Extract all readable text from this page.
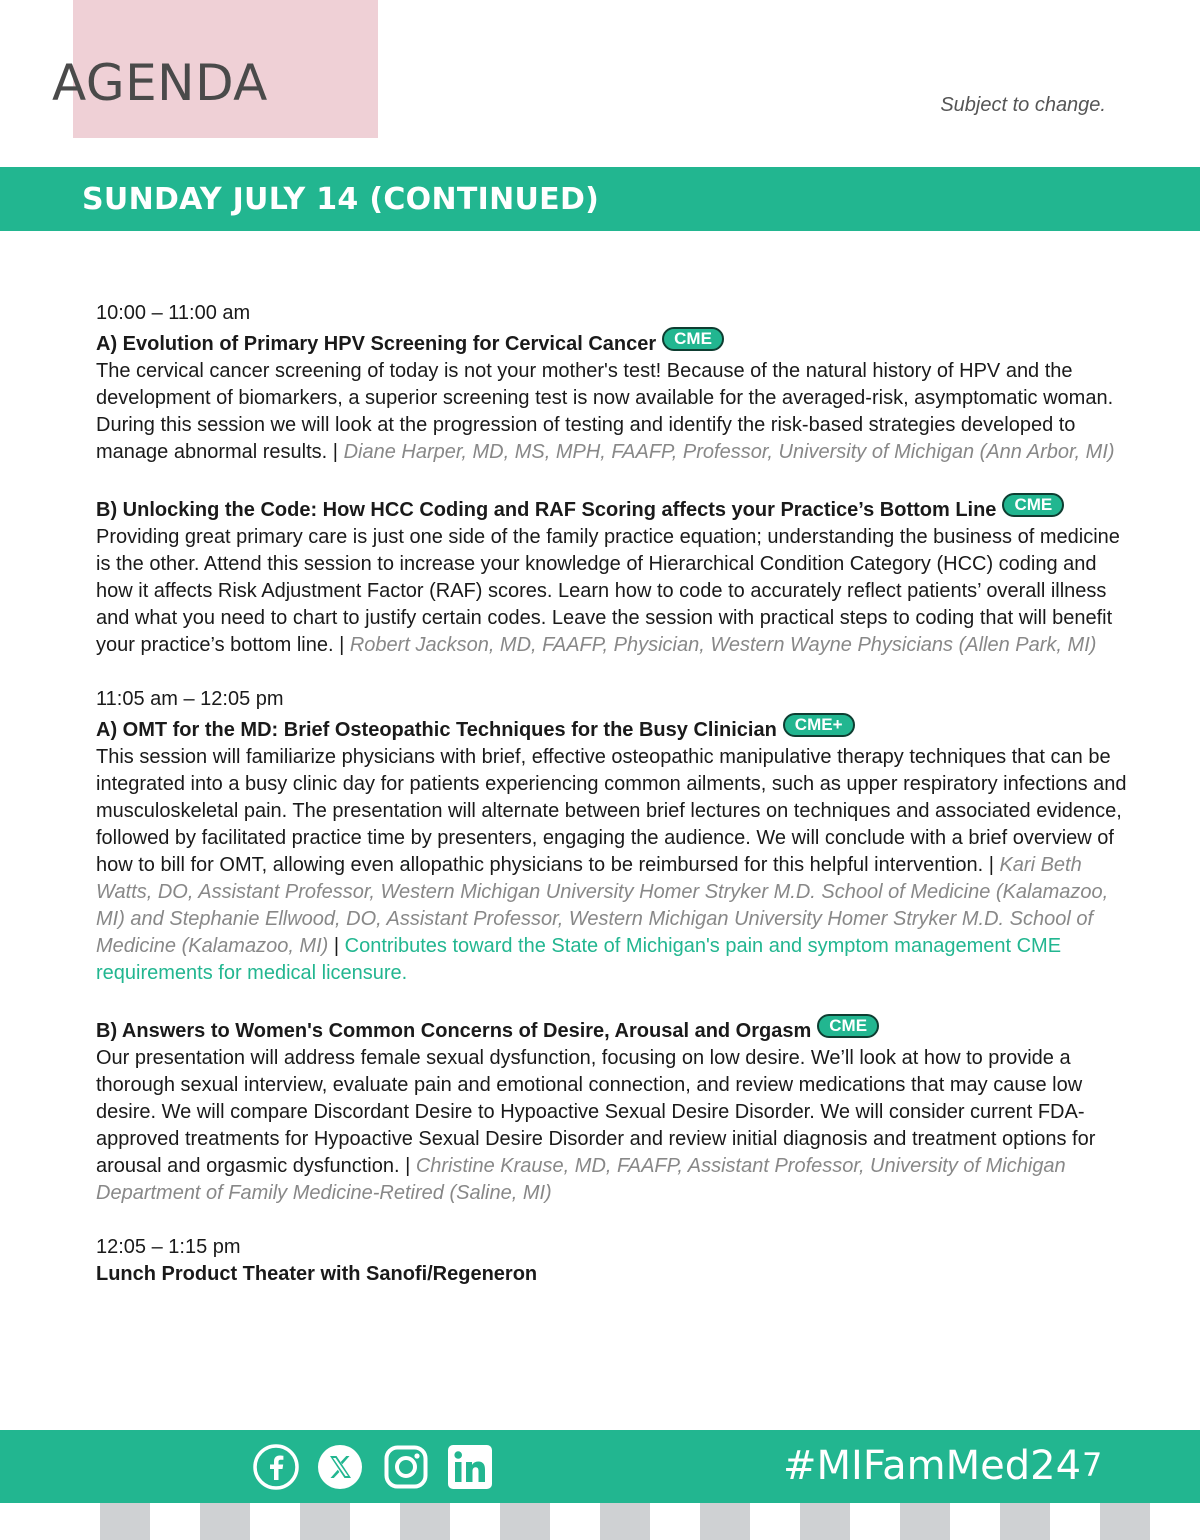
AGENDA	Subject to change.
SUNDAY JULY 14 (CONTINUED)
10:00 – 11:00 am
A) Evolution of Primary HPV Screening for Cervical Cancer CME
The cervical cancer screening of today is not your mother's test! Because of the natural history of HPV and the development of biomarkers, a superior screening test is now available for the averaged-risk, asymptomatic woman. During this session we will look at the progression of testing and identify the risk-based strategies developed to manage abnormal results. | Diane Harper, MD, MS, MPH, FAAFP, Professor, University of Michigan (Ann Arbor, MI)
B) Unlocking the Code: How HCC Coding and RAF Scoring affects your Practice’s Bottom Line CME
Providing great primary care is just one side of the family practice equation; understanding the business of medicine is the other. Attend this session to increase your knowledge of Hierarchical Condition Category (HCC) coding and how it affects Risk Adjustment Factor (RAF) scores. Learn how to code to accurately reflect patients’ overall illness and what you need to chart to justify certain codes. Leave the session with practical steps to coding that will benefit your practice’s bottom line. | Robert Jackson, MD, FAAFP, Physician, Western Wayne Physicians (Allen Park, MI)
11:05 am – 12:05 pm
A) OMT for the MD: Brief Osteopathic Techniques for the Busy Clinician CME+
This session will familiarize physicians with brief, effective osteopathic manipulative therapy techniques that can be integrated into a busy clinic day for patients experiencing common ailments, such as upper respiratory infections and musculoskeletal pain. The presentation will alternate between brief lectures on techniques and associated evidence, followed by facilitated practice time by presenters, engaging the audience. We will conclude with a brief overview of how to bill for OMT, allowing even allopathic physicians to be reimbursed for this helpful intervention. | Kari Beth Watts, DO, Assistant Professor, Western Michigan University Homer Stryker M.D. School of Medicine (Kalamazoo, MI) and Stephanie Ellwood, DO, Assistant Professor, Western Michigan University Homer Stryker M.D. School of Medicine (Kalamazoo, MI) | Contributes toward the State of Michigan's pain and symptom management CME requirements for medical licensure.
B) Answers to Women's Common Concerns of Desire, Arousal and Orgasm CME
Our presentation will address female sexual dysfunction, focusing on low desire. We’ll look at how to provide a thorough sexual interview, evaluate pain and emotional connection, and review medications that may cause low desire. We will compare Discordant Desire to Hypoactive Sexual Desire Disorder. We will consider current FDA-approved treatments for Hypoactive Sexual Desire Disorder and review initial diagnosis and treatment options for arousal and orgasmic dysfunction. | Christine Krause, MD, FAAFP, Assistant Professor, University of Michigan Department of Family Medicine-Retired (Saline, MI)
12:05 – 1:15 pm
Lunch Product Theater with Sanofi/Regeneron
#MIFamMed24 7
